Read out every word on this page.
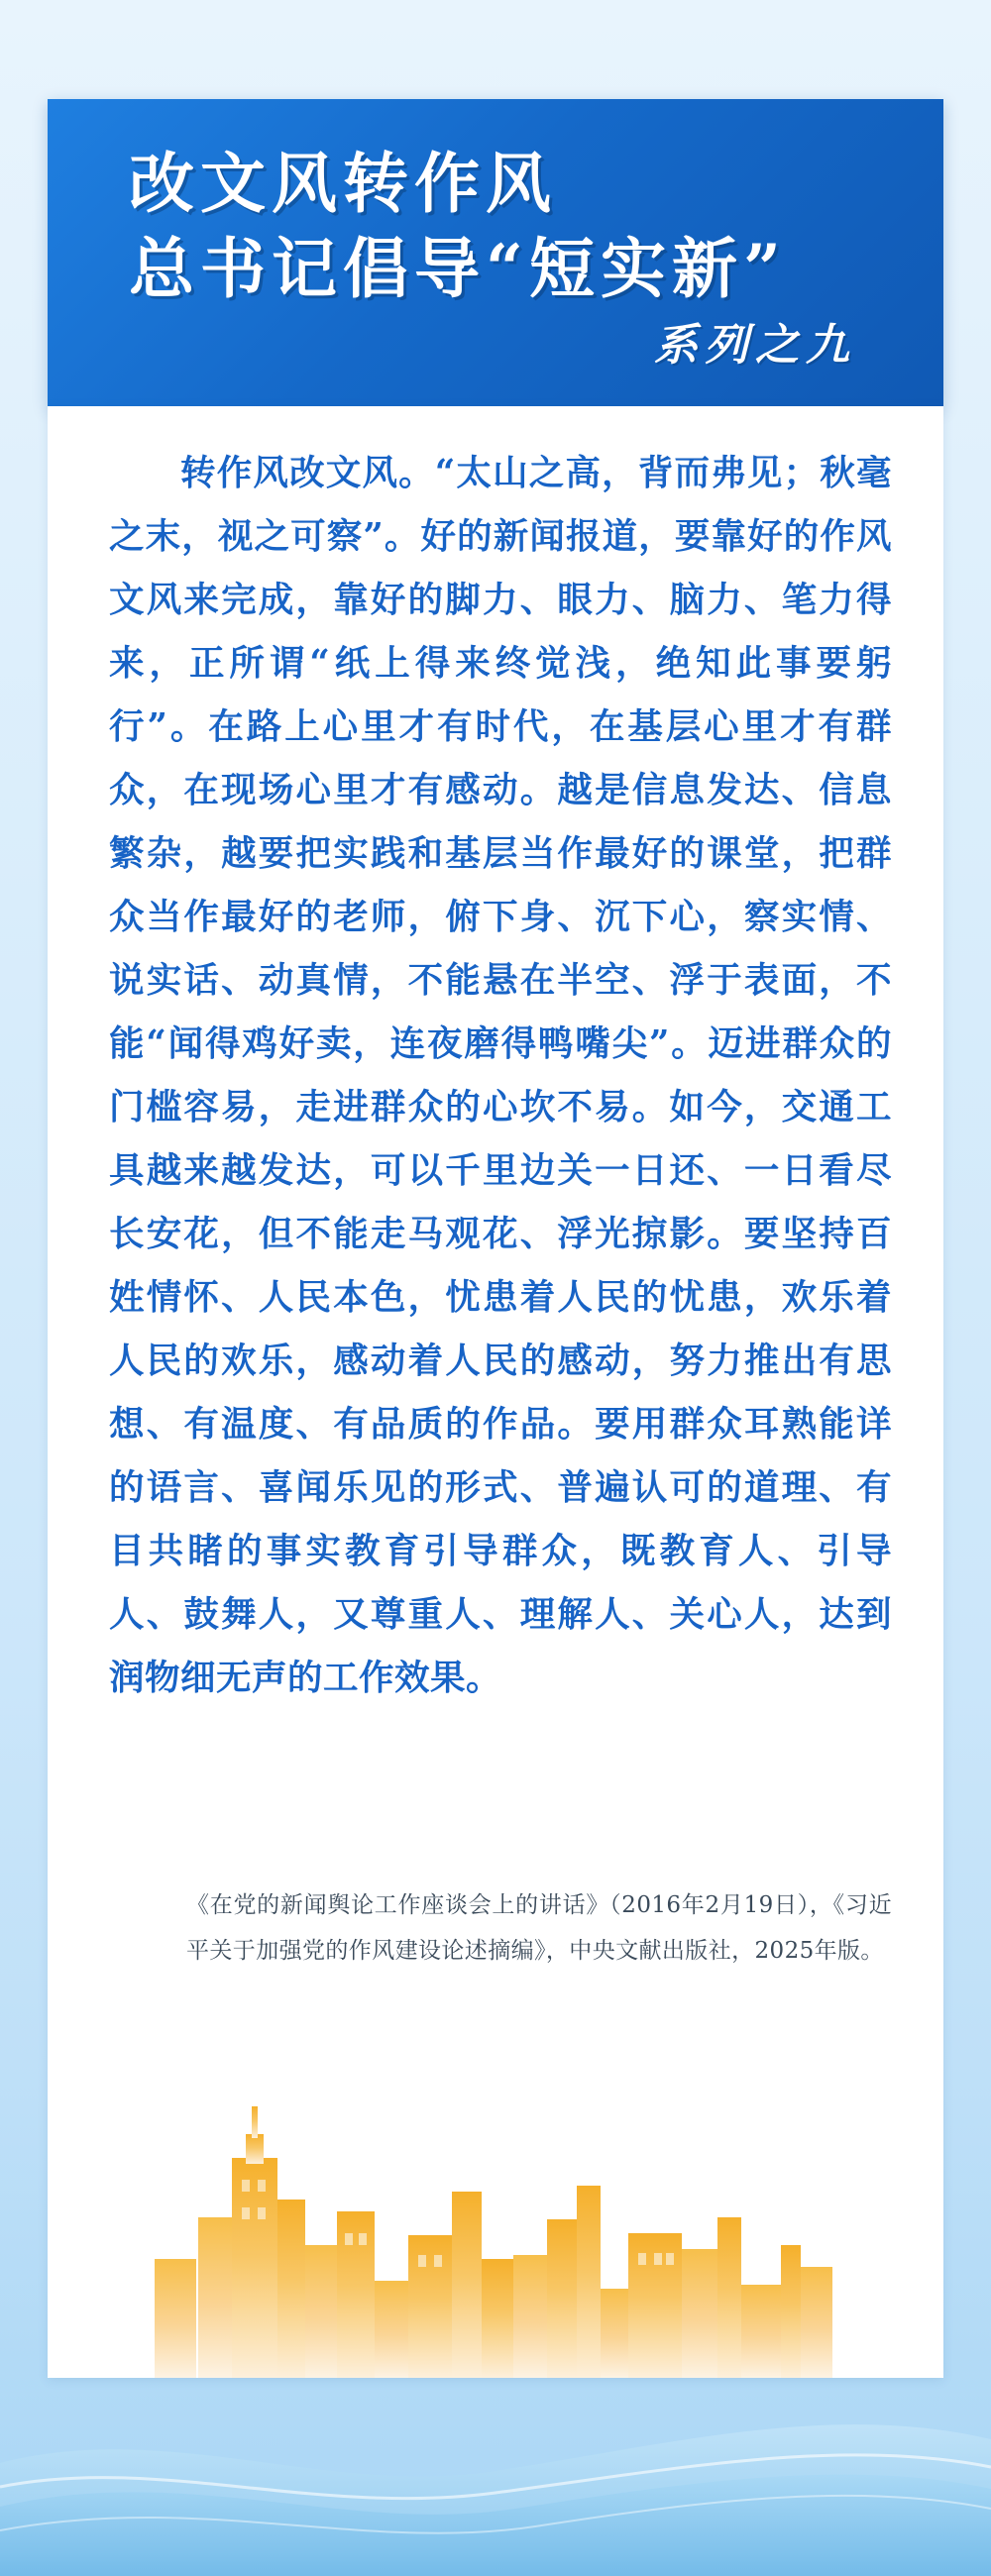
改文风转作风
总书记倡导“短实新”
系列之九
转作风改文风。“太山之高，背而弗见；秋毫之末，视之可察”。好的新闻报道，要靠好的作风文风来完成，靠好的脚力、眼力、脑力、笔力得来，正所谓“纸上得来终觉浅，绝知此事要躬行”。在路上心里才有时代，在基层心里才有群众，在现场心里才有感动。越是信息发达、信息繁杂，越要把实践和基层当作最好的课堂，把群众当作最好的老师，俯下身、沉下心，察实情、说实话、动真情，不能悬在半空、浮于表面，不能“闻得鸡好卖，连夜磨得鸭嘴尖”。迈进群众的门槛容易，走进群众的心坎不易。如今，交通工具越来越发达，可以千里边关一日还、一日看尽长安花，但不能走马观花、浮光掠影。要坚持百姓情怀、人民本色，忧患着人民的忧患，欢乐着人民的欢乐，感动着人民的感动，努力推出有思想、有温度、有品质的作品。要用群众耳熟能详的语言、喜闻乐见的形式、普遍认可的道理、有目共睹的事实教育引导群众，既教育人、引导人、鼓舞人，又尊重人、理解人、关心人，达到润物细无声的工作效果。
《在党的新闻舆论工作座谈会上的讲话》（2016年2月19日），《习近平关于加强党的作风建设论述摘编》，中央文献出版社，2025年版。
